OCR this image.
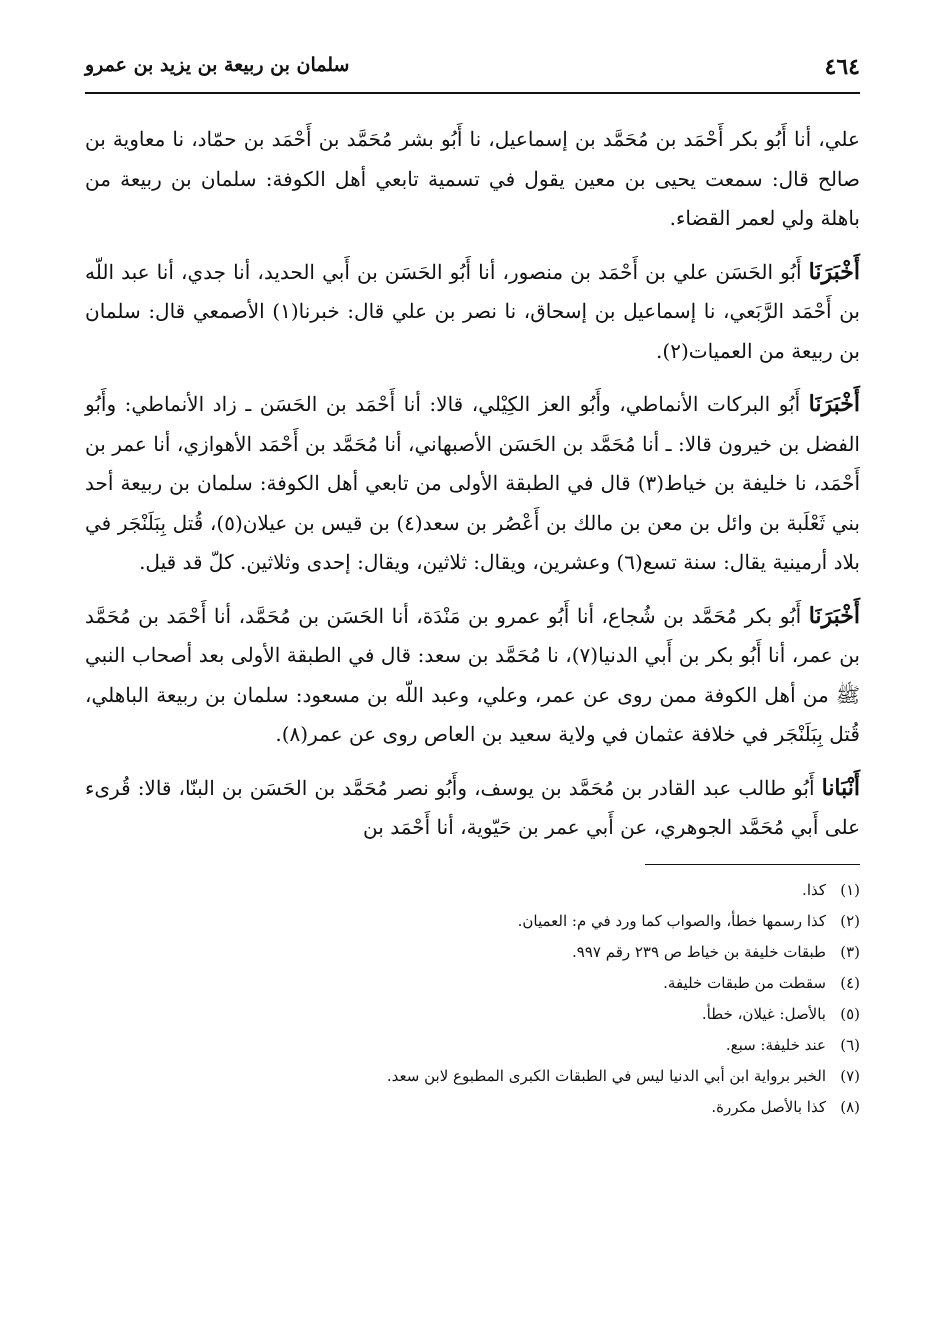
٤٦٤
سلمان بن ربيعة بن يزيد بن عمرو

علي، أنا أَبُو بكر أَحْمَد بن مُحَمَّد بن إسماعيل، نا أَبُو بشر مُحَمَّد بن أَحْمَد بن حمّاد، نا معاوية بن صالح قال: سمعت يحيى بن معين يقول في تسمية تابعي أهل الكوفة: سلمان بن ربيعة من باهلة ولي لعمر القضاء.

أَخْبَرَنَا أَبُو الحَسَن علي بن أَحْمَد بن منصور، أنا أَبُو الحَسَن بن أَبي الحديد، أنا جدي، أنا عبد اللّه بن أَحْمَد الرَّبَعي، نا إسماعيل بن إسحاق، نا نصر بن علي قال: خبرنا(١) الأصمعي قال: سلمان بن ربيعة من العميات(٢).

أَخْبَرَنَا أَبُو البركات الأنماطي، وأَبُو العز الكِيْلي، قالا: أنا أَحْمَد بن الحَسَن ـ زاد الأنماطي: وأَبُو الفضل بن خيرون قالا: ـ أنا مُحَمَّد بن الحَسَن الأصبهاني، أنا مُحَمَّد بن أَحْمَد الأهوازي، أنا عمر بن أَحْمَد، نا خليفة بن خياط(٣) قال في الطبقة الأولى من تابعي أهل الكوفة: سلمان بن ربيعة أحد بني ثَعْلَبة بن وائل بن معن بن مالك بن أَعْصُر بن سعد(٤) بن قيس بن عيلان(٥)، قُتل بِبَلَنْجَر في بلاد أرمينية يقال: سنة تسع(٦) وعشرين، ويقال: ثلاثين، ويقال: إحدى وثلاثين. كلّ قد قيل.

أَخْبَرَنَا أَبُو بكر مُحَمَّد بن شُجاع، أنا أَبُو عمرو بن مَنْدَة، أنا الحَسَن بن مُحَمَّد، أنا أَحْمَد بن مُحَمَّد بن عمر، أنا أَبُو بكر بن أَبي الدنيا(٧)، نا مُحَمَّد بن سعد: قال في الطبقة الأولى بعد أصحاب النبي ﷺ من أهل الكوفة ممن روى عن عمر، وعلي، وعبد اللّه بن مسعود: سلمان بن ربيعة الباهلي، قُتل بِبَلَنْجَر في خلافة عثمان في ولاية سعيد بن العاص روى عن عمر(٨).

أَنْبَانا أَبُو طالب عبد القادر بن مُحَمَّد بن يوسف، وأَبُو نصر مُحَمَّد بن الحَسَن بن البنّا، قالا: قُرىء على أَبي مُحَمَّد الجوهري، عن أَبي عمر بن حَيّوية، أنا أَحْمَد بن

(١)
كذا.
(٢)
كذا رسمها خطأ، والصواب كما ورد في م: العميان.
(٣)
طبقات خليفة بن خياط ص ٢٣٩ رقم ٩٩٧.
(٤)
سقطت من طبقات خليفة.
(٥)
بالأصل: غيلان، خطأ.
(٦)
عند خليفة: سبع.
(٧)
الخبر برواية ابن أبي الدنيا ليس في الطبقات الكبرى المطبوع لابن سعد.
(٨)
كذا بالأصل مكررة.
